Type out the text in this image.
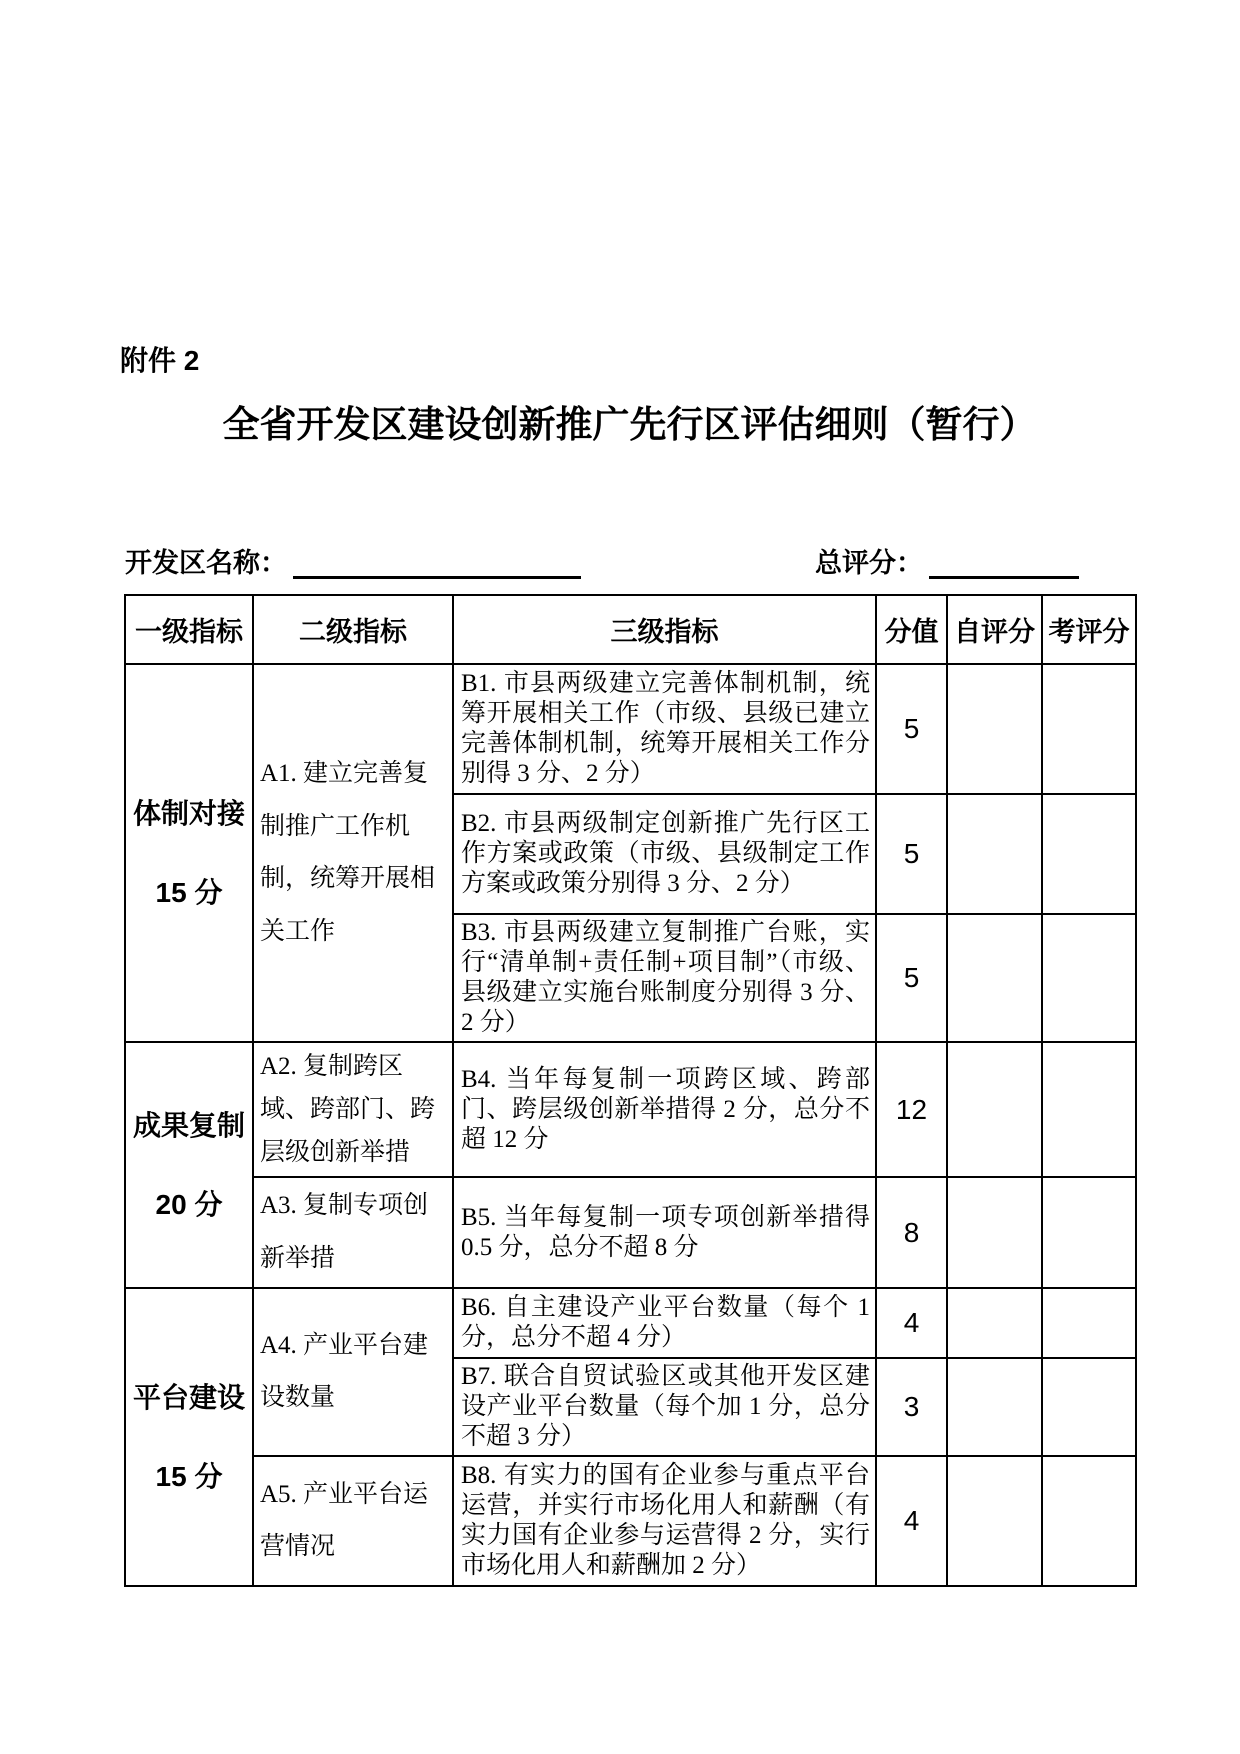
附件 2
全省开发区建设创新推广先行区评估细则（暂行）
开发区名称：	总评分：
一级指标	二级指标	三级指标	分值	自评分	考评分

体制对接
15 分	A1. 建立完善复制推广工作机制，统筹开展相关工作	B1. 市县两级建立完善体制机制，统筹开展相关工作（市级、县级已建立完善体制机制，统筹开展相关工作分别得 3 分、2 分）	5		
		B2. 市县两级制定创新推广先行区工作方案或政策（市级、县级制定工作方案或政策分别得 3 分、2 分）	5		
		B3. 市县两级建立复制推广台账，实行“清单制+责任制+项目制”（市级、县级建立实施台账制度分别得 3 分、2 分）	5		

成果复制
20 分	A2. 复制跨区域、跨部门、跨层级创新举措	B4. 当年每复制一项跨区域、跨部门、跨层级创新举措得 2 分，总分不超 12 分	12		
	A3. 复制专项创新举措	B5. 当年每复制一项专项创新举措得 0.5 分，总分不超 8 分	8		

平台建设
15 分	A4. 产业平台建设数量	B6. 自主建设产业平台数量（每个 1 分，总分不超 4 分）	4		
		B7. 联合自贸试验区或其他开发区建设产业平台数量（每个加 1 分，总分不超 3 分）	3		
	A5. 产业平台运营情况	B8. 有实力的国有企业参与重点平台运营，并实行市场化用人和薪酬（有实力国有企业参与运营得 2 分，实行市场化用人和薪酬加 2 分）	4		
